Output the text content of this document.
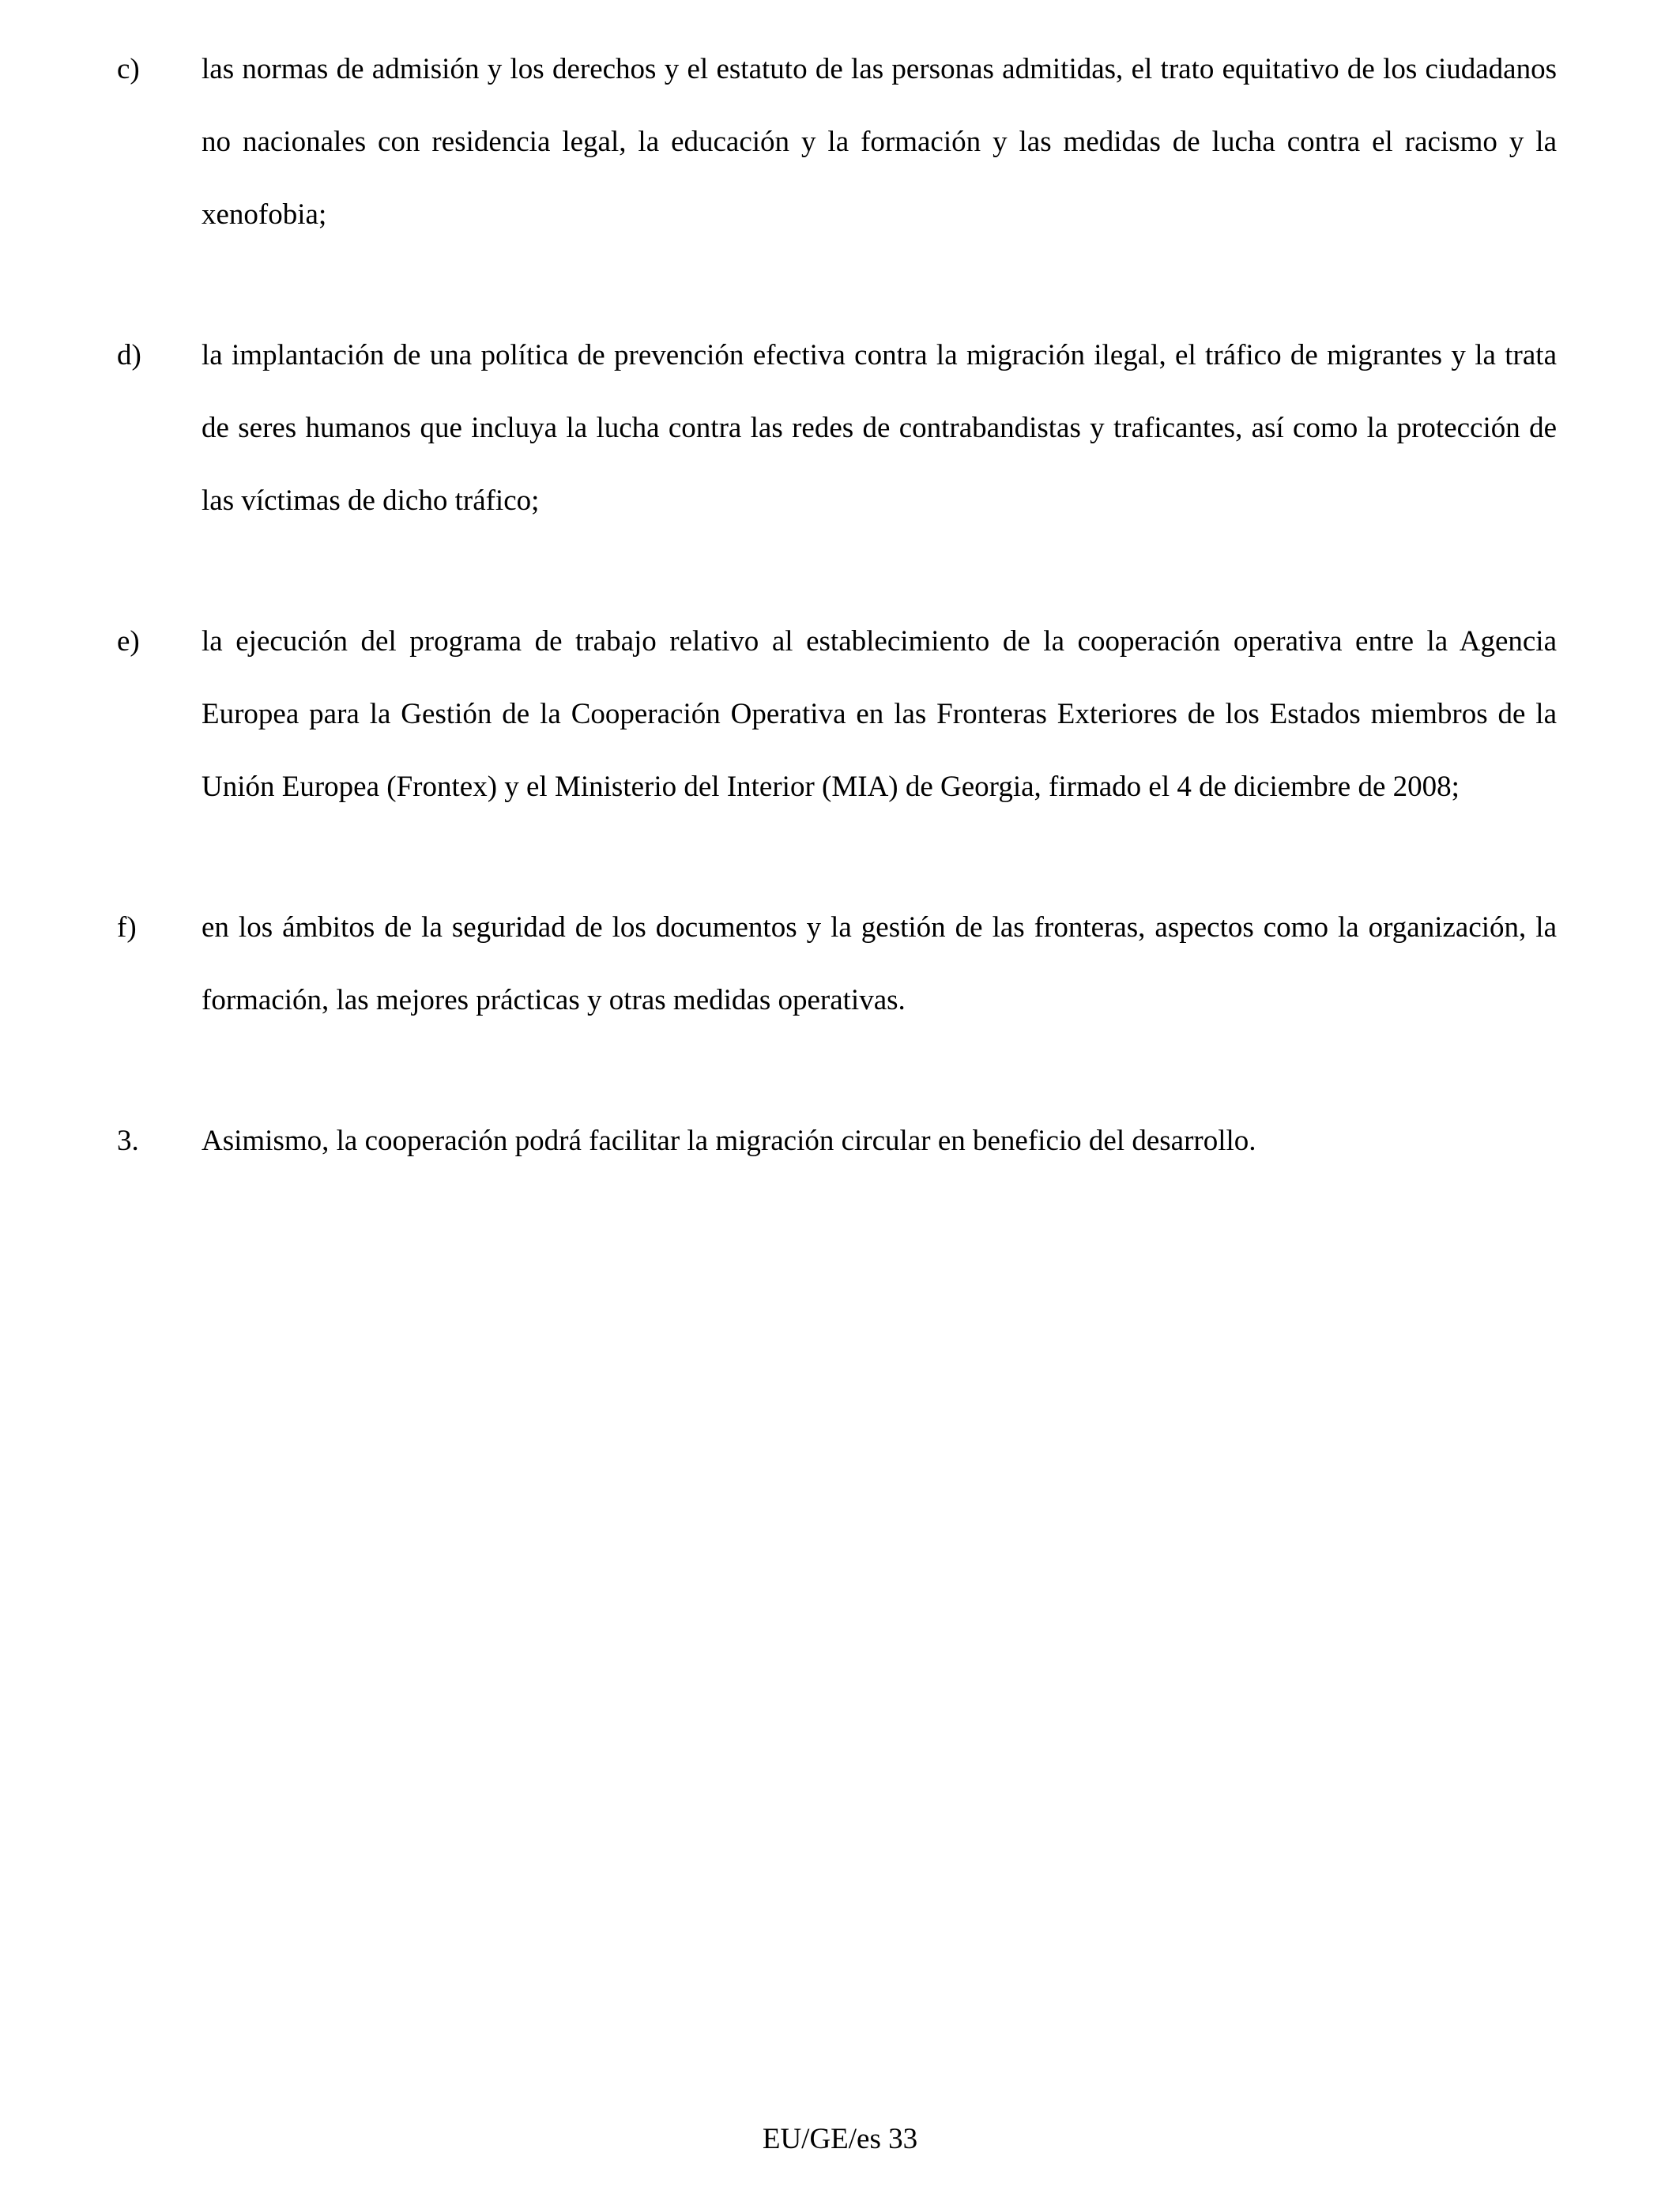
c)	las normas de admisión y los derechos y el estatuto de las personas admitidas, el trato equitativo de los ciudadanos no nacionales con residencia legal, la educación y la formación y las medidas de lucha contra el racismo y la xenofobia;
d)	la implantación de una política de prevención efectiva contra la migración ilegal, el tráfico de migrantes y la trata de seres humanos que incluya la lucha contra las redes de contrabandistas y traficantes, así como la protección de las víctimas de dicho tráfico;
e)	la ejecución del programa de trabajo relativo al establecimiento de la cooperación operativa entre la Agencia Europea para la Gestión de la Cooperación Operativa en las Fronteras Exteriores de los Estados miembros de la Unión Europea (Frontex) y el Ministerio del Interior (MIA) de Georgia, firmado el 4 de diciembre de 2008;
f)	en los ámbitos de la seguridad de los documentos y la gestión de las fronteras, aspectos como la organización, la formación, las mejores prácticas y otras medidas operativas.
3.	Asimismo, la cooperación podrá facilitar la migración circular en beneficio del desarrollo.
EU/GE/es 33
